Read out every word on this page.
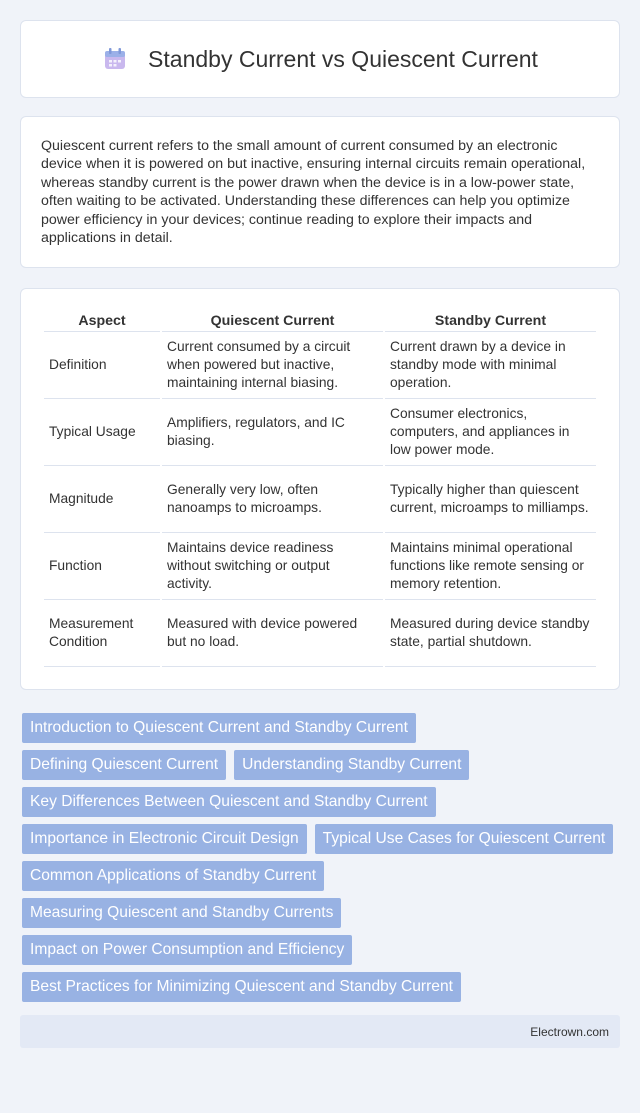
Standby Current vs Quiescent Current

Quiescent current refers to the small amount of current consumed by an electronic device when it is powered on but inactive, ensuring internal circuits remain operational, whereas standby current is the power drawn when the device is in a low-power state, often waiting to be activated. Understanding these differences can help you optimize power efficiency in your devices; continue reading to explore their impacts and applications in detail.

Aspect	Quiescent Current	Standby Current
Definition	Current consumed by a circuit when powered but inactive, maintaining internal biasing.	Current drawn by a device in standby mode with minimal operation.
Typical Usage	Amplifiers, regulators, and IC biasing.	Consumer electronics, computers, and appliances in low power mode.
Magnitude	Generally very low, often nanoamps to microamps.	Typically higher than quiescent current, microamps to milliamps.
Function	Maintains device readiness without switching or output activity.	Maintains minimal operational functions like remote sensing or memory retention.
Measurement Condition	Measured with device powered but no load.	Measured during device standby state, partial shutdown.
Introduction to Quiescent Current and Standby Current
Defining Quiescent Current	Understanding Standby Current
Key Differences Between Quiescent and Standby Current
Importance in Electronic Circuit Design	Typical Use Cases for Quiescent Current
Common Applications of Standby Current
Measuring Quiescent and Standby Currents
Impact on Power Consumption and Efficiency
Best Practices for Minimizing Quiescent and Standby Current
Electrown.com
